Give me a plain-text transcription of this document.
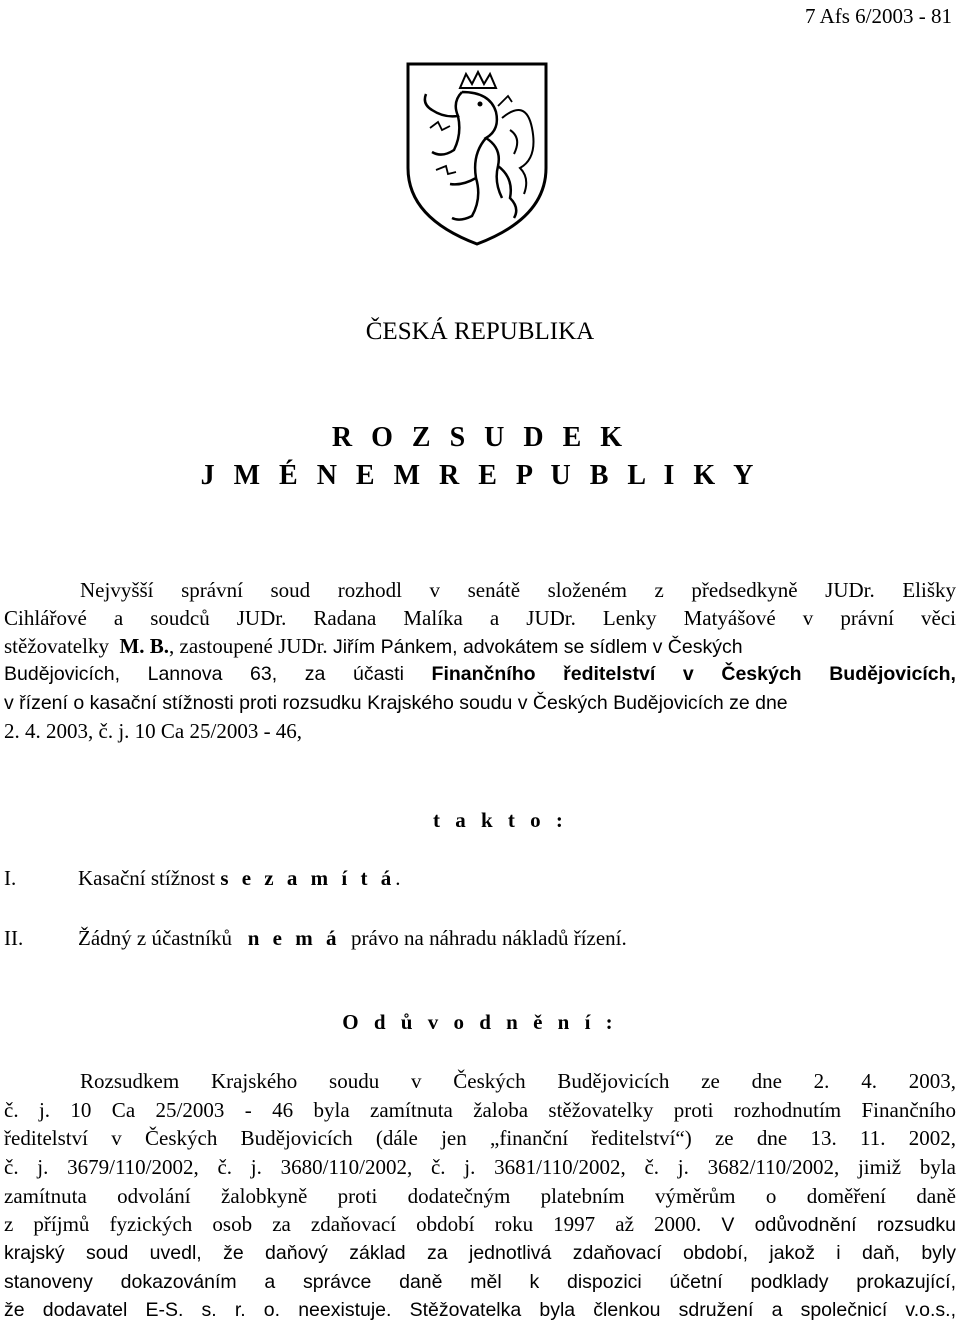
7 Afs 6/2003 - 81
ČESKÁ REPUBLIKA
R O Z S U D E K
J M É N E M R E P U B L I K Y
Nejvyšší správní soud rozhodl v senátě složeném z předsedkyně JUDr. Elišky
Cihlářové a soudců JUDr. Radana Malíka a JUDr. Lenky Matyášové v právní věci
stěžovatelky M. B., zastoupené JUDr. Jiřím Pánkem, advokátem se sídlem v Českých
Budějovicích, Lannova 63, za účasti Finančního ředitelství v Českých Budějovicích,
v řízení o kasační stížnosti proti rozsudku Krajského soudu v Českých Budějovicích ze dne
2. 4. 2003, č. j. 10 Ca 25/2003 - 46,
t a k t o :
I.	Kasační stížnost s e z a m í t á.
II.	Žádný z účastníků n e m á právo na náhradu nákladů řízení.
O d ů v o d n ě n í :
Rozsudkem Krajského soudu v Českých Budějovicích ze dne 2. 4. 2003,
č. j. 10 Ca 25/2003 - 46 byla zamítnuta žaloba stěžovatelky proti rozhodnutím Finančního
ředitelství v Českých Budějovicích (dále jen „finanční ředitelství“) ze dne 13. 11. 2002,
č. j. 3679/110/2002, č. j. 3680/110/2002, č. j. 3681/110/2002, č. j. 3682/110/2002, jimiž byla
zamítnuta odvolání žalobkyně proti dodatečným platebním výměrům o doměření daně
z příjmů fyzických osob za zdaňovací období roku 1997 až 2000. V odůvodnění rozsudku
krajský soud uvedl, že daňový základ za jednotlivá zdaňovací období, jakož i daň, byly
stanoveny dokazováním a správce daně měl k dispozici účetní podklady prokazující,
že dodavatel E-S. s. r. o. neexistuje. Stěžovatelka byla členkou sdružení a společnicí v.o.s.,
